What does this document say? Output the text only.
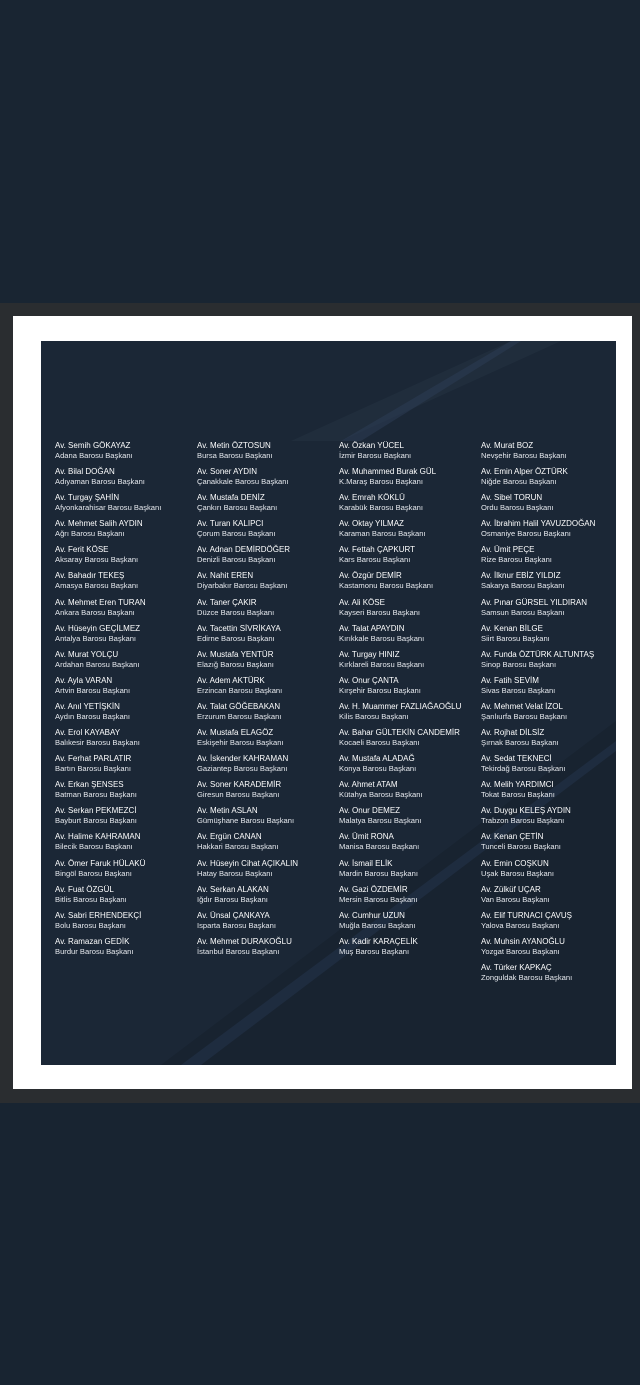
Av. Semih GÖKAYAZ
Adana Barosu Başkanı
Av. Bilal DOĞAN
Adıyaman Barosu Başkanı
Av. Turgay ŞAHİN
Afyonkarahisar Barosu Başkanı
Av. Mehmet Salih AYDIN
Ağrı Barosu Başkanı
Av. Ferit KÖSE
Aksaray Barosu Başkanı
Av. Bahadır TEKEŞ
Amasya Barosu Başkanı
Av. Mehmet Eren TURAN
Ankara Barosu Başkanı
Av. Hüseyin GEÇİLMEZ
Antalya Barosu Başkanı
Av. Murat YOLÇU
Ardahan Barosu Başkanı
Av. Ayla VARAN
Artvin Barosu Başkanı
Av. Anıl YETİŞKİN
Aydın Barosu Başkanı
Av. Erol KAYABAY
Balıkesir Barosu Başkanı
Av. Ferhat PARLATIR
Bartın Barosu Başkanı
Av. Erkan ŞENSES
Batman Barosu Başkanı
Av. Serkan PEKMEZCİ
Bayburt Barosu Başkanı
Av. Halime KAHRAMAN
Bilecik Barosu Başkanı
Av. Ömer Faruk HÜLAKÜ
Bingöl Barosu Başkanı
Av. Fuat ÖZGÜL
Bitlis Barosu Başkanı
Av. Sabri ERHENDEKÇİ
Bolu Barosu Başkanı
Av. Ramazan GEDİK
Burdur Barosu Başkanı
Av. Metin ÖZTOSUN
Bursa Barosu Başkanı
Av. Soner AYDIN
Çanakkale Barosu Başkanı
Av. Mustafa DENİZ
Çankırı Barosu Başkanı
Av. Turan KALIPCI
Çorum Barosu Başkanı
Av. Adnan DEMİRDÖĞER
Denizli Barosu Başkanı
Av. Nahit EREN
Diyarbakır Barosu Başkanı
Av. Taner ÇAKIR
Düzce Barosu Başkanı
Av. Tacettin SİVRİKAYA
Edirne Barosu Başkanı
Av. Mustafa YENTÜR
Elazığ Barosu Başkanı
Av. Adem AKTÜRK
Erzincan Barosu Başkanı
Av. Talat GÖĞEBAKAN
Erzurum Barosu Başkanı
Av. Mustafa ELAGÖZ
Eskişehir Barosu Başkanı
Av. İskender KAHRAMAN
Gaziantep Barosu Başkanı
Av. Soner KARADEMİR
Giresun Barosu Başkanı
Av. Metin ASLAN
Gümüşhane Barosu Başkanı
Av. Ergün CANAN
Hakkari Barosu Başkanı
Av. Hüseyin Cihat AÇIKALIN
Hatay Barosu Başkanı
Av. Serkan ALAKAN
Iğdır Barosu Başkanı
Av. Ünsal ÇANKAYA
Isparta Barosu Başkanı
Av. Mehmet DURAKOĞLU
İstanbul Barosu Başkanı
Av. Özkan YÜCEL
İzmir Barosu Başkanı
Av. Muhammed Burak GÜL
K.Maraş Barosu Başkanı
Av. Emrah KÖKLÜ
Karabük Barosu Başkanı
Av. Oktay YILMAZ
Karaman Barosu Başkanı
Av. Fettah ÇAPKURT
Kars Barosu Başkanı
Av. Özgür DEMİR
Kastamonu Barosu Başkanı
Av. Ali KÖSE
Kayseri Barosu Başkanı
Av. Talat APAYDIN
Kırıkkale Barosu Başkanı
Av. Turgay HINIZ
Kırklareli Barosu Başkanı
Av. Onur ÇANTA
Kırşehir Barosu Başkanı
Av. H. Muammer FAZLIAĞAOĞLU
Kilis Barosu Başkanı
Av. Bahar GÜLTEKİN CANDEMİR
Kocaeli Barosu Başkanı
Av. Mustafa ALADAĞ
Konya Barosu Başkanı
Av. Ahmet ATAM
Kütahya Barosu Başkanı
Av. Onur DEMEZ
Malatya Barosu Başkanı
Av. Ümit RONA
Manisa Barosu Başkanı
Av. İsmail ELİK
Mardin Barosu Başkanı
Av. Gazi ÖZDEMİR
Mersin Barosu Başkanı
Av. Cumhur UZUN
Muğla Barosu Başkanı
Av. Kadir KARAÇELİK
Muş Barosu Başkanı
Av. Murat BOZ
Nevşehir Barosu Başkanı
Av. Emin Alper ÖZTÜRK
Niğde Barosu Başkanı
Av. Sibel TORUN
Ordu Barosu Başkanı
Av. İbrahim Halil YAVUZDOĞAN
Osmaniye Barosu Başkanı
Av. Ümit PEÇE
Rize Barosu Başkanı
Av. İlknur EBİZ YILDIZ
Sakarya Barosu Başkanı
Av. Pınar GÜRSEL YILDIRAN
Samsun Barosu Başkanı
Av. Kenan BİLGE
Siirt Barosu Başkanı
Av. Funda ÖZTÜRK ALTUNTAŞ
Sinop Barosu Başkanı
Av. Fatih SEVİM
Sivas Barosu Başkanı
Av. Mehmet Velat İZOL
Şanlıurfa Barosu Başkanı
Av. Rojhat DİLSİZ
Şırnak Barosu Başkanı
Av. Sedat TEKNECİ
Tekirdağ Barosu Başkanı
Av. Melih YARDIMCI
Tokat Barosu Başkanı
Av. Duygu KELEŞ AYDIN
Trabzon Barosu Başkanı
Av. Kenan ÇETİN
Tunceli Barosu Başkanı
Av. Emin COŞKUN
Uşak Barosu Başkanı
Av. Zülküf UÇAR
Van Barosu Başkanı
Av. Elif TURNACI ÇAVUŞ
Yalova Barosu Başkanı
Av. Muhsin AYANOĞLU
Yozgat Barosu Başkanı
Av. Türker KAPKAÇ
Zonguldak Barosu Başkanı
